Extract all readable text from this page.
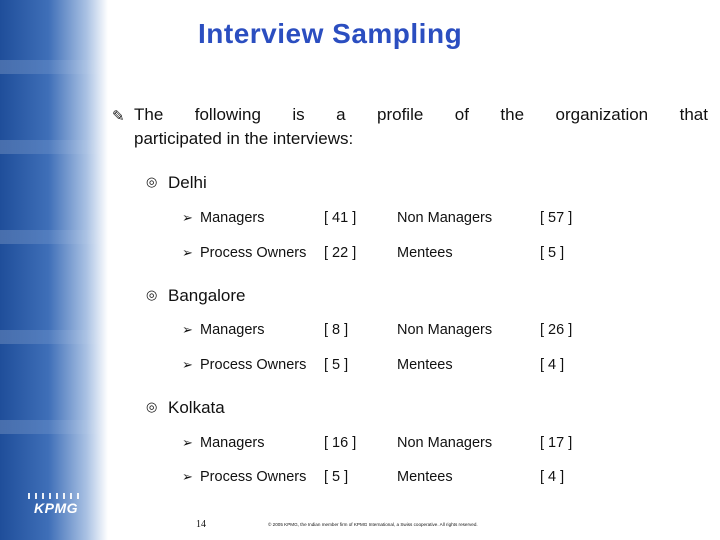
KPMG
Interview Sampling
✎ The following is a profile of the organization that
participated in the interviews:
◎ Delhi
➢ Managers	[ 41 ]	Non Managers	[ 57 ]
➢ Process Owners [ 22 ]	Mentees	[ 5 ]
◎ Bangalore
➢ Managers	[ 8 ]	Non Managers	[ 26 ]
➢ Process Owners [ 5 ]	Mentees	[ 4 ]
◎ Kolkata
➢ Managers	[ 16 ]	Non Managers	[ 17 ]
➢ Process Owners [ 5 ]	Mentees	[ 4 ]
14	© 2005 KPMG, the Indian member firm of KPMG International, a Swiss cooperative. All rights reserved.
